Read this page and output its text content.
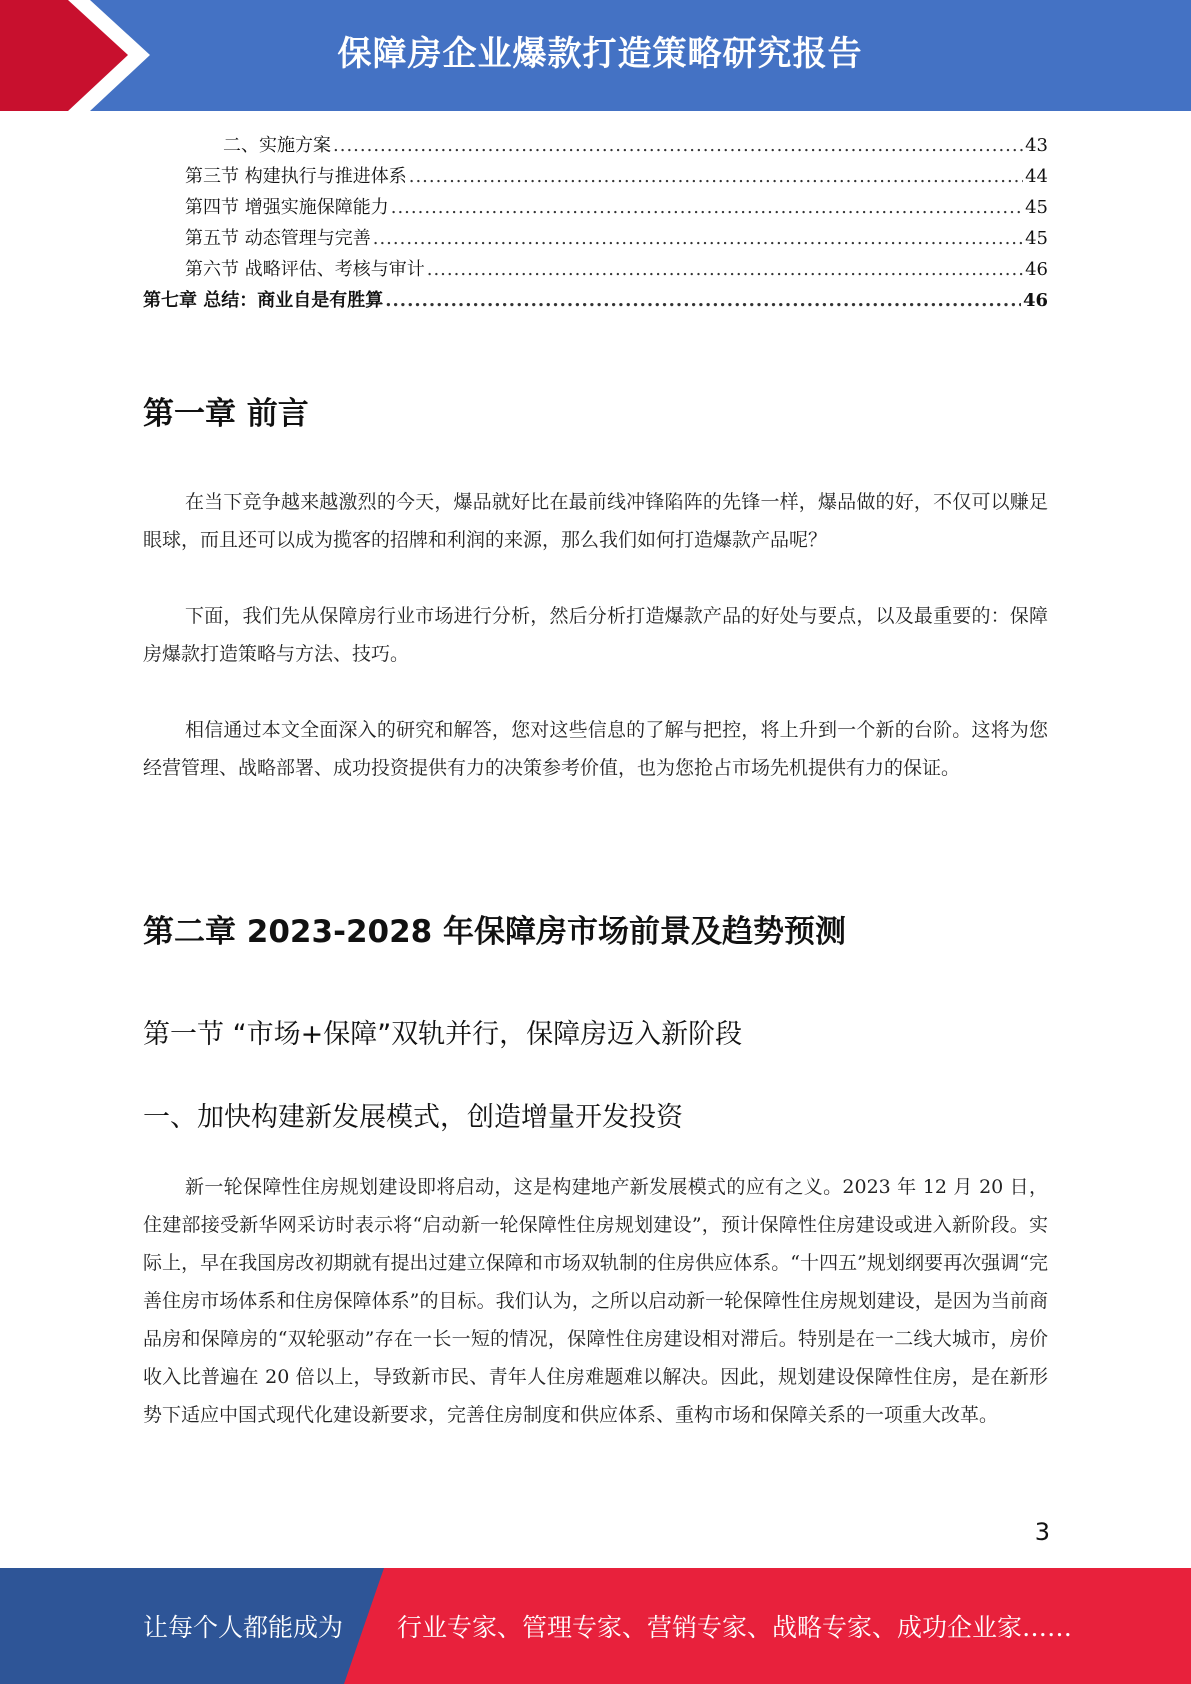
保障房企业爆款打造策略研究报告
二、实施方案 .....	43
第三节 构建执行与推进体系 .....	44
第四节 增强实施保障能力 .....	45
第五节 动态管理与完善 .....	45
第六节 战略评估、考核与审计 .....	46
第七章 总结：商业自是有胜算 .....	46
第一章 前言

在当下竞争越来越激烈的今天，爆品就好比在最前线冲锋陷阵的先锋一样，爆品做的好，不仅可以赚足眼球，而且还可以成为揽客的招牌和利润的来源，那么我们如何打造爆款产品呢？

下面，我们先从保障房行业市场进行分析，然后分析打造爆款产品的好处与要点，以及最重要的：保障房爆款打造策略与方法、技巧。

相信通过本文全面深入的研究和解答，您对这些信息的了解与把控，将上升到一个新的台阶。这将为您经营管理、战略部署、成功投资提供有力的决策参考价值，也为您抢占市场先机提供有力的保证。

第二章 2023-2028 年保障房市场前景及趋势预测
第一节 “市场+保障”双轨并行，保障房迈入新阶段
一、加快构建新发展模式，创造增量开发投资

新一轮保障性住房规划建设即将启动，这是构建地产新发展模式的应有之义。2023 年 12 月 20 日，住建部接受新华网采访时表示将“启动新一轮保障性住房规划建设”，预计保障性住房建设或进入新阶段。实际上，早在我国房改初期就有提出过建立保障和市场双轨制的住房供应体系。“十四五”规划纲要再次强调“完善住房市场体系和住房保障体系”的目标。我们认为，之所以启动新一轮保障性住房规划建设，是因为当前商品房和保障房的“双轮驱动”存在一长一短的情况，保障性住房建设相对滞后。特别是在一二线大城市，房价收入比普遍在 20 倍以上，导致新市民、青年人住房难题难以解决。因此，规划建设保障性住房，是在新形势下适应中国式现代化建设新要求，完善住房制度和供应体系、重构市场和保障关系的一项重大改革。

3
让每个人都能成为 行业专家、管理专家、营销专家、战略专家、成功企业家……
